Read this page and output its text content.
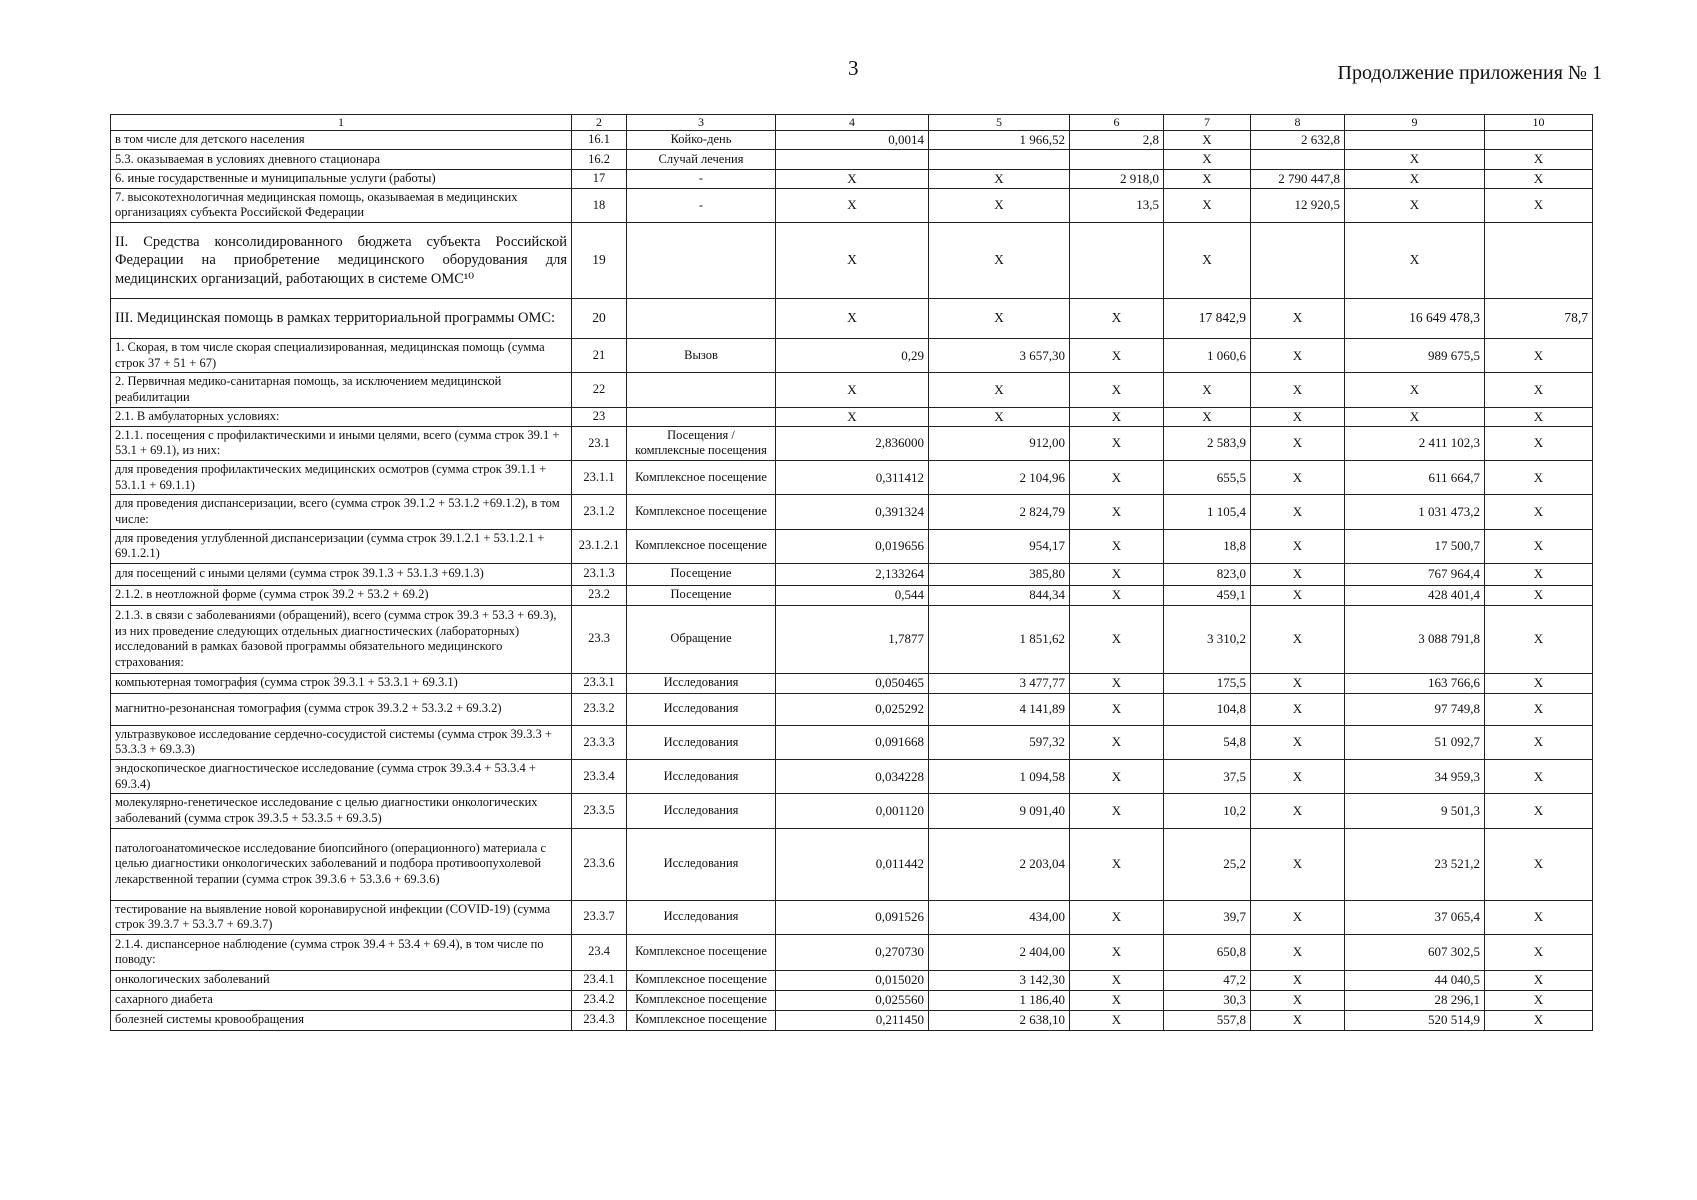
3	Продолжение приложения № 1
1	2	3	4	5	6	7	8	9	10
в том числе для детского населения	16.1	Койко-день	0,0014	1 966,52	2,8	X	2 632,8		
5.3. оказываемая в условиях дневного стационара	16.2	Случай лечения				X		X	X
6. иные государственные и муниципальные услуги (работы)	17	-	X	X	2 918,0	X	2 790 447,8	X	X
7. высокотехнологичная медицинская помощь, оказываемая в медицинских организациях субъекта Российской Федерации	18	-	X	X	13,5	X	12 920,5	X	X
II. Средства консолидированного бюджета субъекта Российской Федерации на приобретение медицинского оборудования для медицинских организаций, работающих в системе ОМС¹⁰	19		X	X		X		X	
III. Медицинская помощь в рамках территориальной программы ОМС:	20		X	X	X	17 842,9	X	16 649 478,3	78,7
1. Скорая, в том числе скорая специализированная, медицинская помощь (сумма строк 37 + 51 + 67)	21	Вызов	0,29	3 657,30	X	1 060,6	X	989 675,5	X
2. Первичная медико-санитарная помощь, за исключением медицинской реабилитации	22		X	X	X	X	X	X	X
2.1. В амбулаторных условиях:	23		X	X	X	X	X	X	X
2.1.1. посещения с профилактическими и иными целями, всего (сумма строк 39.1 + 53.1 + 69.1), из них:	23.1	Посещения / комплексные посещения	2,836000	912,00	X	2 583,9	X	2 411 102,3	X
для проведения профилактических медицинских осмотров (сумма строк 39.1.1 + 53.1.1 + 69.1.1)	23.1.1	Комплексное посещение	0,311412	2 104,96	X	655,5	X	611 664,7	X
для проведения диспансеризации, всего (сумма строк 39.1.2 + 53.1.2 +69.1.2), в том числе:	23.1.2	Комплексное посещение	0,391324	2 824,79	X	1 105,4	X	1 031 473,2	X
для проведения углубленной диспансеризации (сумма строк 39.1.2.1 + 53.1.2.1 + 69.1.2.1)	23.1.2.1	Комплексное посещение	0,019656	954,17	X	18,8	X	17 500,7	X
для посещений с иными целями (сумма строк 39.1.3 + 53.1.3 +69.1.3)	23.1.3	Посещение	2,133264	385,80	X	823,0	X	767 964,4	X
2.1.2. в неотложной форме (сумма строк 39.2 + 53.2 + 69.2)	23.2	Посещение	0,544	844,34	X	459,1	X	428 401,4	X
2.1.3. в связи с заболеваниями (обращений), всего (сумма строк 39.3 + 53.3 + 69.3), из них проведение следующих отдельных диагностических (лабораторных) исследований в рамках базовой программы обязательного медицинского страхования:	23.3	Обращение	1,7877	1 851,62	X	3 310,2	X	3 088 791,8	X
компьютерная томография (сумма строк 39.3.1 + 53.3.1 + 69.3.1)	23.3.1	Исследования	0,050465	3 477,77	X	175,5	X	163 766,6	X
магнитно-резонансная томография (сумма строк 39.3.2 + 53.3.2 + 69.3.2)	23.3.2	Исследования	0,025292	4 141,89	X	104,8	X	97 749,8	X
ультразвуковое исследование сердечно-сосудистой системы (сумма строк 39.3.3 + 53.3.3 + 69.3.3)	23.3.3	Исследования	0,091668	597,32	X	54,8	X	51 092,7	X
эндоскопическое диагностическое исследование (сумма строк 39.3.4 + 53.3.4 + 69.3.4)	23.3.4	Исследования	0,034228	1 094,58	X	37,5	X	34 959,3	X
молекулярно-генетическое исследование с целью диагностики онкологических заболеваний (сумма строк 39.3.5 + 53.3.5 + 69.3.5)	23.3.5	Исследования	0,001120	9 091,40	X	10,2	X	9 501,3	X
патологоанатомическое исследование биопсийного (операционного) материала с целью диагностики онкологических заболеваний и подбора противоопухолевой лекарственной терапии (сумма строк 39.3.6 + 53.3.6 + 69.3.6)	23.3.6	Исследования	0,011442	2 203,04	X	25,2	X	23 521,2	X
тестирование на выявление новой коронавирусной инфекции (COVID-19) (сумма строк 39.3.7 + 53.3.7 + 69.3.7)	23.3.7	Исследования	0,091526	434,00	X	39,7	X	37 065,4	X
2.1.4. диспансерное наблюдение (сумма строк 39.4 + 53.4 + 69.4), в том числе по поводу:	23.4	Комплексное посещение	0,270730	2 404,00	X	650,8	X	607 302,5	X
онкологических заболеваний	23.4.1	Комплексное посещение	0,015020	3 142,30	X	47,2	X	44 040,5	X
сахарного диабета	23.4.2	Комплексное посещение	0,025560	1 186,40	X	30,3	X	28 296,1	X
болезней системы кровообращения	23.4.3	Комплексное посещение	0,211450	2 638,10	X	557,8	X	520 514,9	X
